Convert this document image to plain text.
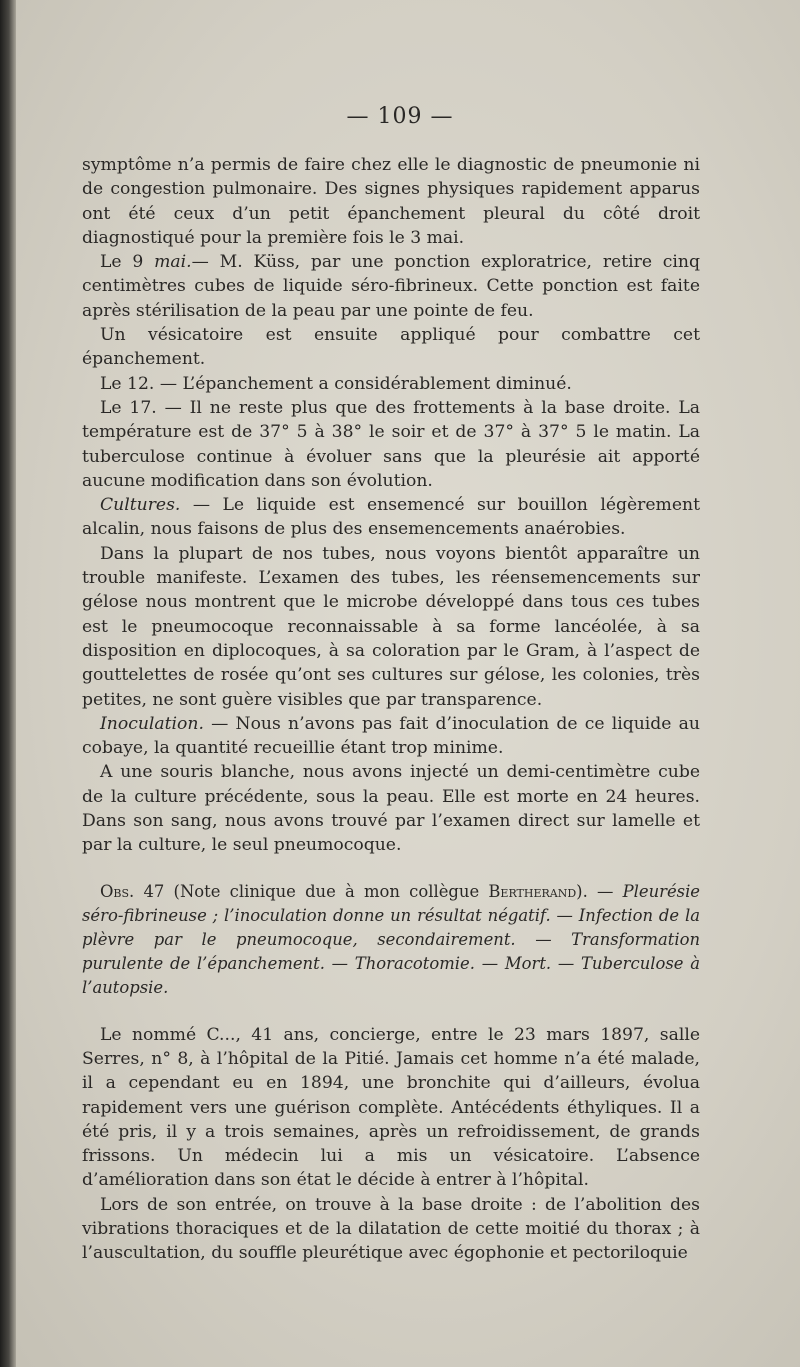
— 109 —

symptôme n’a permis de faire chez elle le diagnostic de pneumonie ni de congestion pulmonaire. Des signes physiques rapidement apparus ont été ceux d’un petit épanchement pleural du côté droit diagnostiqué pour la première fois le 3 mai.

Le 9 mai.— M. Küss, par une ponction exploratrice, retire cinq centimètres cubes de liquide séro-fibrineux. Cette ponction est faite après stérilisation de la peau par une pointe de feu.

Un vésicatoire est ensuite appliqué pour combattre cet épanchement.

Le 12. — L’épanchement a considérablement diminué.

Le 17. — Il ne reste plus que des frottements à la base droite. La température est de 37° 5 à 38° le soir et de 37° à 37° 5 le matin. La tuberculose continue à évoluer sans que la pleurésie ait apporté aucune modification dans son évolution.

Cultures. — Le liquide est ensemencé sur bouillon légèrement alcalin, nous faisons de plus des ensemencements anaérobies.

Dans la plupart de nos tubes, nous voyons bientôt apparaître un trouble manifeste. L’examen des tubes, les réensemencements sur gélose nous montrent que le microbe développé dans tous ces tubes est le pneumocoque reconnaissable à sa forme lancéolée, à sa disposition en diplocoques, à sa coloration par le Gram, à l’aspect de gouttelettes de rosée qu’ont ses cultures sur gélose, les colonies, très petites, ne sont guère visibles que par transparence.

Inoculation. — Nous n’avons pas fait d’inoculation de ce liquide au cobaye, la quantité recueillie étant trop minime.

A une souris blanche, nous avons injecté un demi-centimètre cube de la culture précédente, sous la peau. Elle est morte en 24 heures. Dans son sang, nous avons trouvé par l’examen direct sur lamelle et par la culture, le seul pneumocoque.

Obs. 47 (Note clinique due à mon collègue Bertherand). — Pleurésie séro-fibrineuse ; l’inoculation donne un résultat négatif. — Infection de la plèvre par le pneumocoque, secondairement. — Transformation purulente de l’épanchement. — Thoracotomie. — Mort. — Tuberculose à l’autopsie.

Le nommé C..., 41 ans, concierge, entre le 23 mars 1897, salle Serres, n° 8, à l’hôpital de la Pitié. Jamais cet homme n’a été malade, il a cependant eu en 1894, une bronchite qui d’ailleurs, évolua rapidement vers une guérison complète. Antécédents éthyliques. Il a été pris, il y a trois semaines, après un refroidissement, de grands frissons. Un médecin lui a mis un vésicatoire. L’absence d’amélioration dans son état le décide à entrer à l’hôpital.

Lors de son entrée, on trouve à la base droite : de l’abolition des vibrations thoraciques et de la dilatation de cette moitié du thorax ; à l’auscultation, du souffle pleurétique avec égophonie et pectoriloquie
